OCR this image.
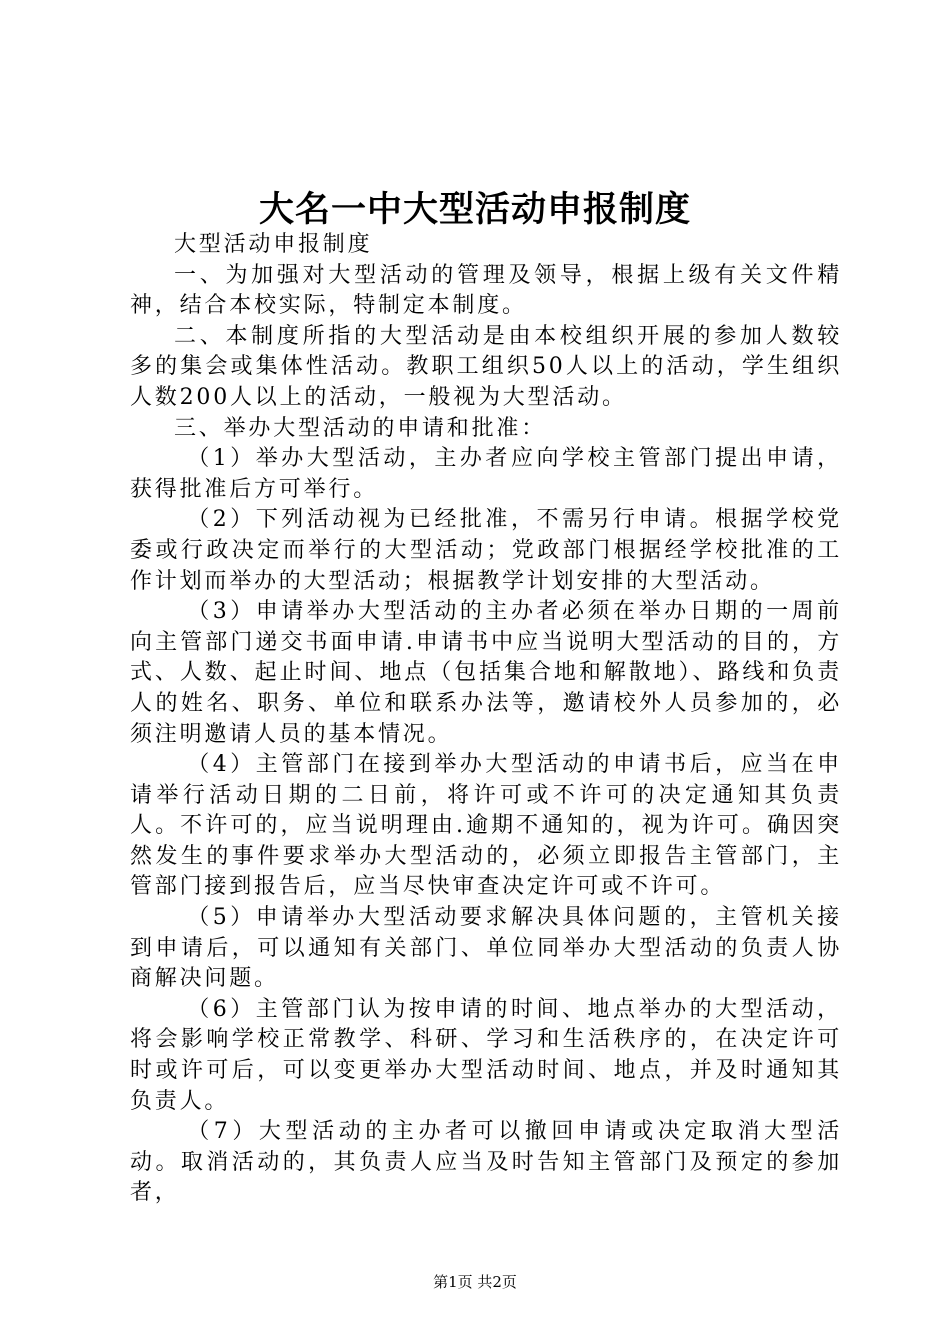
大名一中大型活动申报制度

大型活动申报制度

一、为加强对大型活动的管理及领导，根据上级有关文件精神，结合本校实际，特制定本制度。

二、本制度所指的大型活动是由本校组织开展的参加人数较多的集会或集体性活动。教职工组织50人以上的活动，学生组织人数200人以上的活动，一般视为大型活动。

三、举办大型活动的申请和批准：

（1）举办大型活动，主办者应向学校主管部门提出申请，获得批准后方可举行。

（2）下列活动视为已经批准，不需另行申请。根据学校党委或行政决定而举行的大型活动；党政部门根据经学校批准的工作计划而举办的大型活动；根据教学计划安排的大型活动。

（3）申请举办大型活动的主办者必须在举办日期的一周前向主管部门递交书面申请.申请书中应当说明大型活动的目的，方式、人数、起止时间、地点（包括集合地和解散地）、路线和负责人的姓名、职务、单位和联系办法等，邀请校外人员参加的，必须注明邀请人员的基本情况。

（4）主管部门在接到举办大型活动的申请书后，应当在申请举行活动日期的二日前，将许可或不许可的决定通知其负责人。不许可的，应当说明理由.逾期不通知的，视为许可。确因突然发生的事件要求举办大型活动的，必须立即报告主管部门，主管部门接到报告后，应当尽快审查决定许可或不许可。

（5）申请举办大型活动要求解决具体问题的，主管机关接到申请后，可以通知有关部门、单位同举办大型活动的负责人协商解决问题。

（6）主管部门认为按申请的时间、地点举办的大型活动，将会影响学校正常教学、科研、学习和生活秩序的，在决定许可时或许可后，可以变更举办大型活动时间、地点，并及时通知其负责人。

（7）大型活动的主办者可以撤回申请或决定取消大型活动。取消活动的，其负责人应当及时告知主管部门及预定的参加者，

第1页 共2页
